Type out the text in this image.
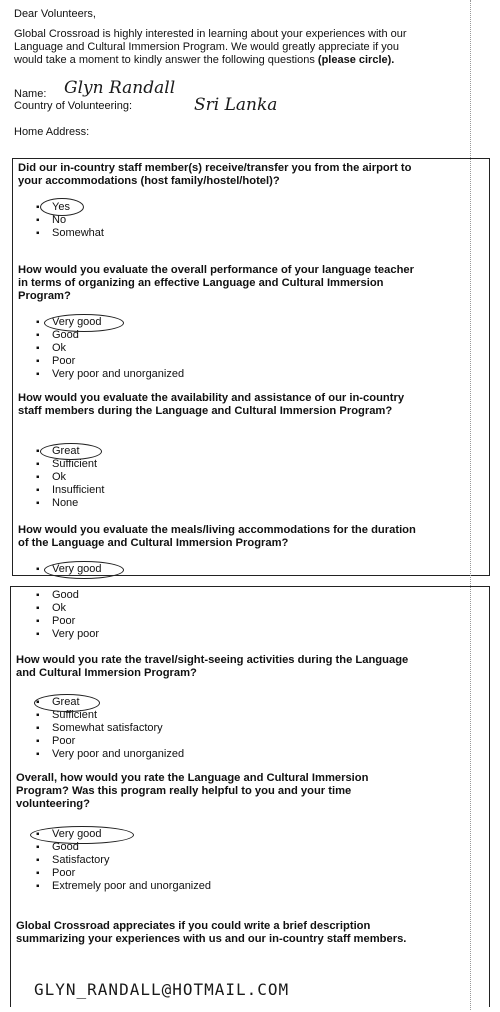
Dear Volunteers,
Global Crossroad is highly interested in learning about your experiences with our
Language and Cultural Immersion Program. We would greatly appreciate if you
would take a moment to kindly answer the following questions (please circle).
Name: Glyn Randall
Country of Volunteering:	Sri Lanka
Home Address:
Did our in-country staff member(s) receive/transfer you from the airport to
your accommodations (host family/hostel/hotel)?
▪ Yes
▪ No
▪ Somewhat
How would you evaluate the overall performance of your language teacher
in terms of organizing an effective Language and Cultural Immersion
Program?
▪ Very good
▪ Good
▪ Ok
▪ Poor
▪ Very poor and unorganized
How would you evaluate the availability and assistance of our in-country
staff members during the Language and Cultural Immersion Program?
▪ Great
▪ Sufficient
▪ Ok
▪ Insufficient
▪ None
How would you evaluate the meals/living accommodations for the duration
of the Language and Cultural Immersion Program?
▪ Very good
▪ Good
▪ Ok
▪ Poor
▪ Very poor
How would you rate the travel/sight-seeing activities during the Language
and Cultural Immersion Program?
▪ Great
▪ Sufficient
▪ Somewhat satisfactory
▪ Poor
▪ Very poor and unorganized
Overall, how would you rate the Language and Cultural Immersion
Program? Was this program really helpful to you and your time
volunteering?
▪ Very good
▪ Good
▪ Satisfactory
▪ Poor
▪ Extremely poor and unorganized
Global Crossroad appreciates if you could write a brief description
summarizing your experiences with us and our in-country staff members.
GLYN_RANDALL@HOTMAIL.COM
